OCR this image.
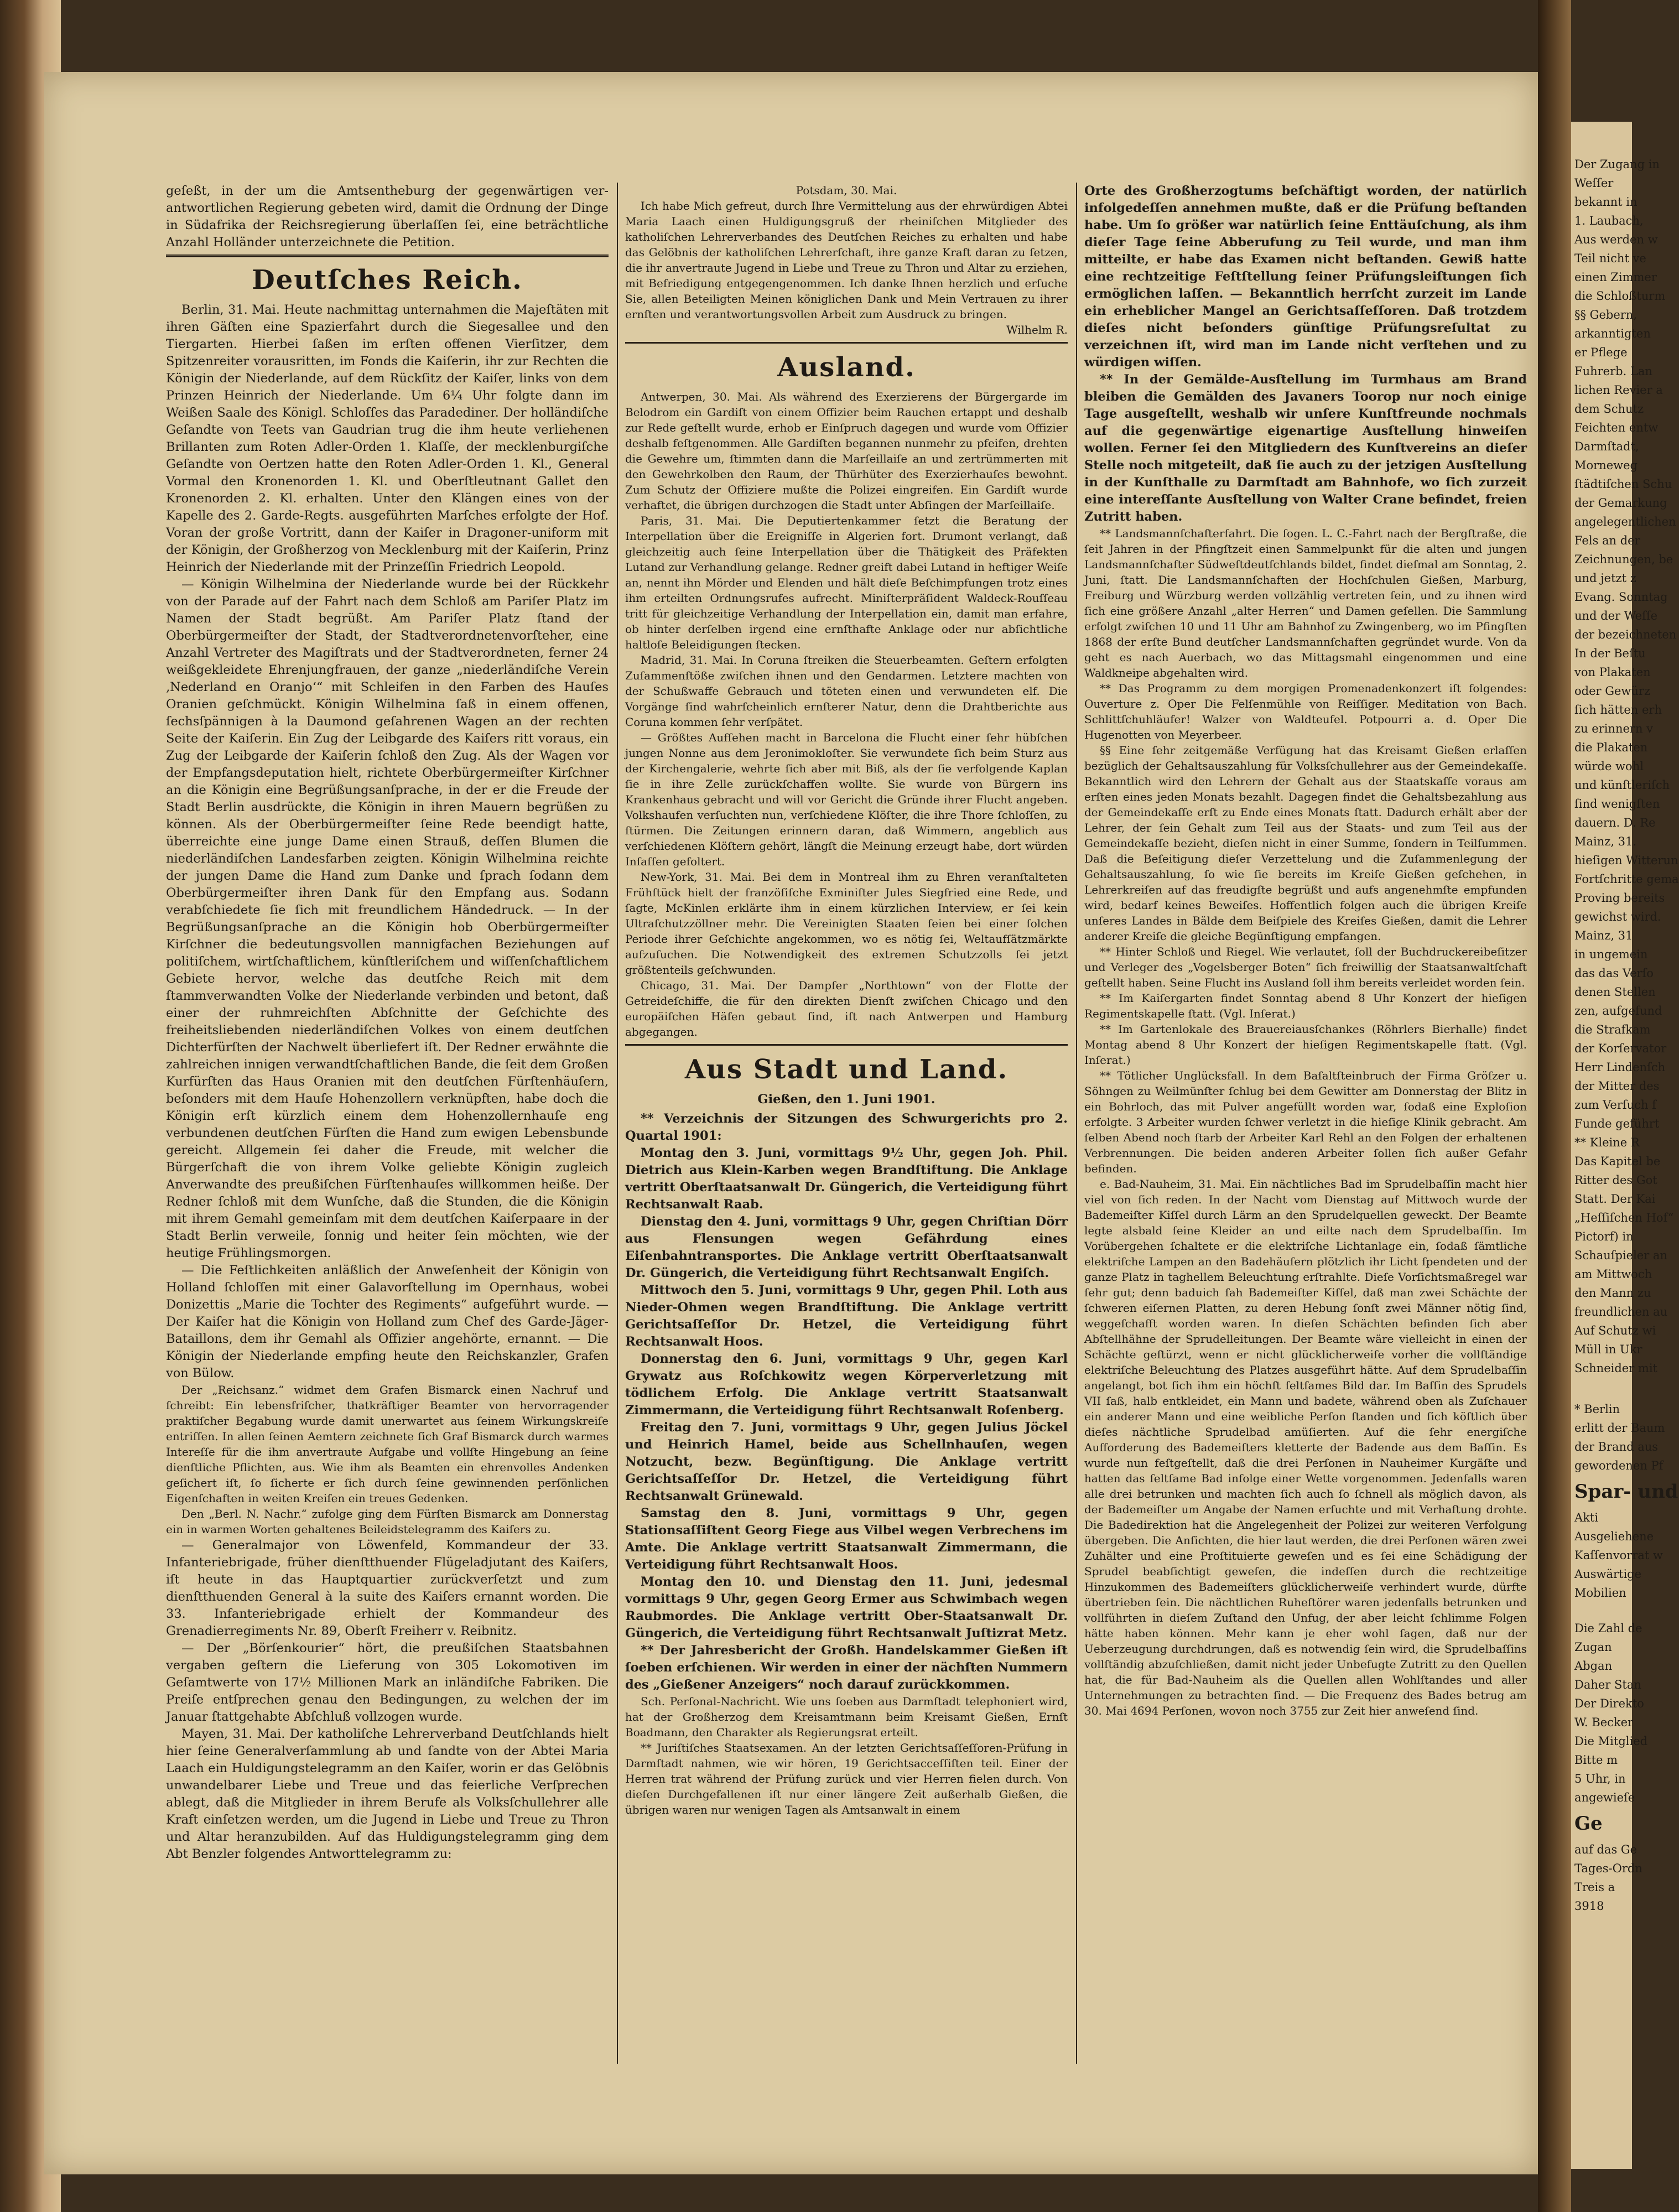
geſeßt, in der um die Amtsentheburg der gegenwärtigen ver-antwortlichen Regierung gebeten wird, damit die Ordnung der Dinge in Südafrika der Reichsregierung überlaſſen ſei, eine beträchtliche Anzahl Holländer unterzeichnete die Petition.

Deutſches Reich.

Berlin, 31. Mai. Heute nachmittag unternahmen die Majeſtäten mit ihren Gäſten eine Spazierfahrt durch die Siegesallee und den Tiergarten. Hierbei ſaßen im erſten offenen Vierſitzer, dem Spitzenreiter vorausritten, im Fonds die Kaiſerin, ihr zur Rechten die Königin der Niederlande, auf dem Rückſitz der Kaiſer, links von dem Prinzen Heinrich der Niederlande. Um 6¼ Uhr folgte dann im Weißen Saale des Königl. Schloſſes das Paradediner. Der holländiſche Geſandte von Teets van Gaudrian trug die ihm heute verliehenen Brillanten zum Roten Adler-Orden 1. Klaſſe, der mecklenburgiſche Geſandte von Oertzen hatte den Roten Adler-Orden 1. Kl., General Vormal den Kronenorden 1. Kl. und Oberſtleutnant Gallet den Kronenorden 2. Kl. erhalten. Unter den Klängen eines von der Kapelle des 2. Garde-Regts. ausgeführten Marſches erfolgte der Hof. Voran der große Vortritt, dann der Kaiſer in Dragoner-uniform mit der Königin, der Großherzog von Mecklenburg mit der Kaiſerin, Prinz Heinrich der Niederlande mit der Prinzeſſin Friedrich Leopold.

— Königin Wilhelmina der Niederlande wurde bei der Rückkehr von der Parade auf der Fahrt nach dem Schloß am Pariſer Platz im Namen der Stadt begrüßt. Am Pariſer Platz ſtand der Oberbürgermeiſter der Stadt, der Stadtverordnetenvorſteher, eine Anzahl Vertreter des Magiſtrats und der Stadtverordneten, ferner 24 weißgekleidete Ehrenjungfrauen, der ganze „niederländiſche Verein ‚Nederland en Oranjo‘“ mit Schleifen in den Farben des Hauſes Oranien geſchmückt. Königin Wilhelmina ſaß in einem offenen, ſechsſpännigen à la Daumond geſahrenen Wagen an der rechten Seite der Kaiſerin. Ein Zug der Leibgarde des Kaiſers ritt voraus, ein Zug der Leibgarde der Kaiſerin ſchloß den Zug. Als der Wagen vor der Empfangsdeputation hielt, richtete Oberbürgermeiſter Kirſchner an die Königin eine Begrüßungsanſprache, in der er die Freude der Stadt Berlin ausdrückte, die Königin in ihren Mauern begrüßen zu können. Als der Oberbürgermeiſter ſeine Rede beendigt hatte, überreichte eine junge Dame einen Strauß, deſſen Blumen die niederländiſchen Landesfarben zeigten. Königin Wilhelmina reichte der jungen Dame die Hand zum Danke und ſprach ſodann dem Oberbürgermeiſter ihren Dank für den Empfang aus. Sodann verabſchiedete ſie ſich mit freundlichem Händedruck. — In der Begrüßungsanſprache an die Königin hob Oberbürgermeiſter Kirſchner die bedeutungsvollen mannigfachen Beziehungen auf politiſchem, wirtſchaftlichem, künſtleriſchem und wiſſenſchaftlichem Gebiete hervor, welche das deutſche Reich mit dem ſtammverwandten Volke der Niederlande verbinden und betont, daß einer der ruhmreichſten Abſchnitte der Geſchichte des freiheitsliebenden niederländiſchen Volkes von einem deutſchen Dichterfürſten der Nachwelt überliefert iſt. Der Redner erwähnte die zahlreichen innigen verwandtſchaftlichen Bande, die ſeit dem Großen Kurfürſten das Haus Oranien mit den deutſchen Fürſtenhäuſern, beſonders mit dem Hauſe Hohenzollern verknüpften, habe doch die Königin erſt kürzlich einem dem Hohenzollernhauſe eng verbundenen deutſchen Fürſten die Hand zum ewigen Lebensbunde gereicht. Allgemein ſei daher die Freude, mit welcher die Bürgerſchaft die von ihrem Volke geliebte Königin zugleich Anverwandte des preußiſchen Fürſtenhauſes willkommen heiße. Der Redner ſchloß mit dem Wunſche, daß die Stunden, die die Königin mit ihrem Gemahl gemeinſam mit dem deutſchen Kaiſerpaare in der Stadt Berlin verweile, ſonnig und heiter ſein möchten, wie der heutige Frühlingsmorgen.

— Die Feſtlichkeiten anläßlich der Anweſenheit der Königin von Holland ſchloſſen mit einer Galavorſtellung im Opernhaus, wobei Donizettis „Marie die Tochter des Regiments“ aufgeführt wurde. — Der Kaiſer hat die Königin von Holland zum Chef des Garde-Jäger-Bataillons, dem ihr Gemahl als Offizier angehörte, ernannt. — Die Königin der Niederlande empfing heute den Reichskanzler, Grafen von Bülow.

Der „Reichsanz.“ widmet dem Grafen Bismarck einen Nachruf und ſchreibt: Ein lebensfriſcher, thatkräftiger Beamter von hervorragender praktiſcher Begabung wurde damit unerwartet aus ſeinem Wirkungskreiſe entriſſen. In allen ſeinen Aemtern zeichnete ſich Graf Bismarck durch warmes Intereſſe für die ihm anvertraute Aufgabe und vollſte Hingebung an ſeine dienſtliche Pflichten, aus. Wie ihm als Beamten ein ehrenvolles Andenken geſichert iſt, ſo ſicherte er ſich durch ſeine gewinnenden perſönlichen Eigenſchaften in weiten Kreiſen ein treues Gedenken.

Den „Berl. N. Nachr.“ zufolge ging dem Fürſten Bismarck am Donnerstag ein in warmen Worten gehaltenes Beileidstelegramm des Kaiſers zu.

— Generalmajor von Löwenfeld, Kommandeur der 33. Infanteriebrigade, früher dienſtthuender Flügeladjutant des Kaiſers, iſt heute in das Hauptquartier zurückverſetzt und zum dienſtthuenden General à la suite des Kaiſers ernannt worden. Die 33. Infanteriebrigade erhielt der Kommandeur des Grenadierregiments Nr. 89, Oberſt Freiherr v. Reibnitz.

— Der „Börſenkourier“ hört, die preußiſchen Staatsbahnen vergaben geſtern die Lieferung von 305 Lokomotiven im Geſamtwerte von 17½ Millionen Mark an inländiſche Fabriken. Die Preiſe entſprechen genau den Bedingungen, zu welchen der im Januar ſtattgehabte Abſchluß vollzogen wurde.

Mayen, 31. Mai. Der katholiſche Lehrerverband Deutſchlands hielt hier ſeine Generalverſammlung ab und ſandte von der Abtei Maria Laach ein Huldigungstelegramm an den Kaiſer, worin er das Gelöbnis unwandelbarer Liebe und Treue und das feierliche Verſprechen ablegt, daß die Mitglieder in ihrem Berufe als Volksſchullehrer alle Kraft einſetzen werden, um die Jugend in Liebe und Treue zu Thron und Altar heranzubilden. Auf das Huldigungstelegramm ging dem Abt Benzler folgendes Antworttelegramm zu:

Potsdam, 30. Mai.

Ich habe Mich gefreut, durch Ihre Vermittelung aus der ehrwürdigen Abtei Maria Laach einen Huldigungsgruß der rheiniſchen Mitglieder des katholiſchen Lehrerverbandes des Deutſchen Reiches zu erhalten und habe das Gelöbnis der katholiſchen Lehrerſchaft, ihre ganze Kraft daran zu ſetzen, die ihr anvertraute Jugend in Liebe und Treue zu Thron und Altar zu erziehen, mit Befriedigung entgegengenommen. Ich danke Ihnen herzlich und erſuche Sie, allen Beteiligten Meinen königlichen Dank und Mein Vertrauen zu ihrer ernſten und verantwortungsvollen Arbeit zum Ausdruck zu bringen.

Wilhelm R.
Ausland.

Antwerpen, 30. Mai. Als während des Exerzierens der Bürgergarde im Belodrom ein Gardiſt von einem Offizier beim Rauchen ertappt und deshalb zur Rede geſtellt wurde, erhob er Einſpruch dagegen und wurde vom Offizier deshalb feſtgenommen. Alle Gardiſten begannen nunmehr zu pfeifen, drehten die Gewehre um, ſtimmten dann die Marſeillaiſe an und zertrümmerten mit den Gewehrkolben den Raum, der Thürhüter des Exerzierhauſes bewohnt. Zum Schutz der Offiziere mußte die Polizei eingreifen. Ein Gardiſt wurde verhaftet, die übrigen durchzogen die Stadt unter Abſingen der Marſeillaiſe.

Paris, 31. Mai. Die Deputiertenkammer ſetzt die Beratung der Interpellation über die Ereigniſſe in Algerien fort. Drumont verlangt, daß gleichzeitig auch ſeine Interpellation über die Thätigkeit des Präfekten Lutand zur Verhandlung gelange. Redner greift dabei Lutand in heftiger Weiſe an, nennt ihn Mörder und Elenden und hält dieſe Beſchimpfungen trotz eines ihm erteilten Ordnungsrufes aufrecht. Miniſterpräſident Waldeck-Rouſſeau tritt für gleichzeitige Verhandlung der Interpellation ein, damit man erfahre, ob hinter derſelben irgend eine ernſthafte Anklage oder nur abſichtliche haltloſe Beleidigungen ſtecken.

Madrid, 31. Mai. In Coruna ſtreiken die Steuerbeamten. Geſtern erfolgten Zuſammenſtöße zwiſchen ihnen und den Gendarmen. Letztere machten von der Schußwaffe Gebrauch und töteten einen und verwundeten elf. Die Vorgänge ſind wahrſcheinlich ernſterer Natur, denn die Drahtberichte aus Coruna kommen ſehr verſpätet.

— Größtes Aufſehen macht in Barcelona die Flucht einer ſehr hübſchen jungen Nonne aus dem Jeronimokloſter. Sie verwundete ſich beim Sturz aus der Kirchengalerie, wehrte ſich aber mit Biß, als der ſie verfolgende Kaplan ſie in ihre Zelle zurückſchaffen wollte. Sie wurde von Bürgern ins Krankenhaus gebracht und will vor Gericht die Gründe ihrer Flucht angeben. Volkshaufen verſuchten nun, verſchiedene Klöſter, die ihre Thore ſchloſſen, zu ſtürmen. Die Zeitungen erinnern daran, daß Wimmern, angeblich aus verſchiedenen Klöſtern gehört, längſt die Meinung erzeugt habe, dort würden Inſaſſen gefoltert.

New-York, 31. Mai. Bei dem in Montreal ihm zu Ehren veranſtalteten Frühſtück hielt der franzöſiſche Exminiſter Jules Siegfried eine Rede, und ſagte, McKinlen erklärte ihm in einem kürzlichen Interview, er ſei kein Ultraſchutzzöllner mehr. Die Vereinigten Staaten ſeien bei einer ſolchen Periode ihrer Geſchichte angekommen, wo es nötig ſei, Weltaufſätzmärkte aufzuſuchen. Die Notwendigkeit des extremen Schutzzolls ſei jetzt größtenteils geſchwunden.

Chicago, 31. Mai. Der Dampfer „Northtown“ von der Flotte der Getreideſchiffe, die für den direkten Dienſt zwiſchen Chicago und den europäiſchen Häfen gebaut ſind, iſt nach Antwerpen und Hamburg abgegangen.

Aus Stadt und Land.
Gießen, den 1. Juni 1901.

** Verzeichnis der Sitzungen des Schwurgerichts pro 2. Quartal 1901:

Montag den 3. Juni, vormittags 9½ Uhr, gegen Joh. Phil. Dietrich aus Klein-Karben wegen Brandſtiftung. Die Anklage vertritt Oberſtaatsanwalt Dr. Güngerich, die Verteidigung führt Rechtsanwalt Raab.

Dienstag den 4. Juni, vormittags 9 Uhr, gegen Chriſtian Dörr aus Flensungen wegen Gefährdung eines Eiſenbahntransportes. Die Anklage vertritt Oberſtaatsanwalt Dr. Güngerich, die Verteidigung führt Rechtsanwalt Engiſch.

Mittwoch den 5. Juni, vormittags 9 Uhr, gegen Phil. Loth aus Nieder-Ohmen wegen Brandſtiftung. Die Anklage vertritt Gerichtsaſſeſſor Dr. Hetzel, die Verteidigung führt Rechtsanwalt Hoos.

Donnerstag den 6. Juni, vormittags 9 Uhr, gegen Karl Grywatz aus Roſchkowitz wegen Körperverletzung mit tödlichem Erfolg. Die Anklage vertritt Staatsanwalt Zimmermann, die Verteidigung führt Rechtsanwalt Roſenberg.

Freitag den 7. Juni, vormittags 9 Uhr, gegen Julius Jöckel und Heinrich Hamel, beide aus Schellnhauſen, wegen Notzucht, bezw. Begünſtigung. Die Anklage vertritt Gerichtsaſſeſſor Dr. Hetzel, die Verteidigung führt Rechtsanwalt Grünewald.

Samstag den 8. Juni, vormittags 9 Uhr, gegen Stationsaſſiſtent Georg Fiege aus Vilbel wegen Verbrechens im Amte. Die Anklage vertritt Staatsanwalt Zimmermann, die Verteidigung führt Rechtsanwalt Hoos.

Montag den 10. und Dienstag den 11. Juni, jedesmal vormittags 9 Uhr, gegen Georg Ermer aus Schwimbach wegen Raubmordes. Die Anklage vertritt Ober-Staatsanwalt Dr. Güngerich, die Verteidigung führt Rechtsanwalt Juſtizrat Metz.

** Der Jahresbericht der Großh. Handelskammer Gießen iſt ſoeben erſchienen. Wir werden in einer der nächſten Nummern des „Gießener Anzeigers“ noch darauf zurückkommen.

Sch. Perſonal-Nachricht. Wie uns ſoeben aus Darmſtadt telephoniert wird, hat der Großherzog dem Kreisamtmann beim Kreisamt Gießen, Ernſt Boadmann, den Charakter als Regierungsrat erteilt.

** Juriſtiſches Staatsexamen. An der letzten Gerichtsaſſeſſoren-Prüfung in Darmſtadt nahmen, wie wir hören, 19 Gerichtsacceſſiſten teil. Einer der Herren trat während der Prüfung zurück und vier Herren fielen durch. Von dieſen Durchgefallenen iſt nur einer längere Zeit außerhalb Gießen, die übrigen waren nur wenigen Tagen als Amtsanwalt in einem

Orte des Großherzogtums beſchäftigt worden, der natürlich infolgedeſſen annehmen mußte, daß er die Prüfung beſtanden habe. Um ſo größer war natürlich ſeine Enttäuſchung, als ihm dieſer Tage ſeine Abberufung zu Teil wurde, und man ihm mitteilte, er habe das Examen nicht beſtanden. Gewiß hatte eine rechtzeitige Feſtſtellung ſeiner Prüfungsleiſtungen ſich ermöglichen laſſen. — Bekanntlich herrſcht zurzeit im Lande ein erheblicher Mangel an Gerichtsaſſeſſoren. Daß trotzdem dieſes nicht beſonders günſtige Prüfungsreſultat zu verzeichnen iſt, wird man im Lande nicht verſtehen und zu würdigen wiſſen.

** In der Gemälde-Ausſtellung im Turmhaus am Brand bleiben die Gemälden des Javaners Toorop nur noch einige Tage ausgeſtellt, weshalb wir unſere Kunſtfreunde nochmals auf die gegenwärtige eigenartige Ausſtellung hinweiſen wollen. Ferner ſei den Mitgliedern des Kunſtvereins an dieſer Stelle noch mitgeteilt, daß ſie auch zu der jetzigen Ausſtellung in der Kunſthalle zu Darmſtadt am Bahnhofe, wo ſich zurzeit eine intereſſante Ausſtellung von Walter Crane befindet, freien Zutritt haben.

** Landsmannſchafterfahrt. Die ſogen. L. C.-Fahrt nach der Bergſtraße, die ſeit Jahren in der Pfingſtzeit einen Sammelpunkt für die alten und jungen Landsmannſchafter Südweſtdeutſchlands bildet, findet dieſmal am Sonntag, 2. Juni, ſtatt. Die Landsmannſchaften der Hochſchulen Gießen, Marburg, Freiburg und Würzburg werden vollzählig vertreten ſein, und zu ihnen wird ſich eine größere Anzahl „alter Herren“ und Damen geſellen. Die Sammlung erfolgt zwiſchen 10 und 11 Uhr am Bahnhof zu Zwingenberg, wo im Pfingſten 1868 der erſte Bund deutſcher Landsmannſchaften gegründet wurde. Von da geht es nach Auerbach, wo das Mittagsmahl eingenommen und eine Waldkneipe abgehalten wird.

** Das Programm zu dem morgigen Promenadenkonzert iſt folgendes: Ouverture z. Oper Die Felſenmühle von Reiſſiger. Meditation von Bach. Schlittſchuhläufer! Walzer von Waldteufel. Potpourri a. d. Oper Die Hugenotten von Meyerbeer.

§§ Eine ſehr zeitgemäße Verfügung hat das Kreisamt Gießen erlaſſen bezüglich der Gehaltsauszahlung für Volksſchullehrer aus der Gemeindekaſſe. Bekanntlich wird den Lehrern der Gehalt aus der Staatskaſſe voraus am erſten eines jeden Monats bezahlt. Dagegen findet die Gehaltsbezahlung aus der Gemeindekaſſe erſt zu Ende eines Monats ſtatt. Dadurch erhält aber der Lehrer, der ſein Gehalt zum Teil aus der Staats- und zum Teil aus der Gemeindekaſſe bezieht, dieſen nicht in einer Summe, ſondern in Teilſummen. Daß die Beſeitigung dieſer Verzettelung und die Zuſammenlegung der Gehaltsauszahlung, ſo wie ſie bereits im Kreiſe Gießen geſchehen, in Lehrerkreiſen auf das freudigſte begrüßt und aufs angenehmſte empfunden wird, bedarf keines Beweiſes. Hoffentlich folgen auch die übrigen Kreiſe unſeres Landes in Bälde dem Beiſpiele des Kreiſes Gießen, damit die Lehrer anderer Kreiſe die gleiche Begünſtigung empfangen.

** Hinter Schloß und Riegel. Wie verlautet, ſoll der Buchdruckereibeſitzer und Verleger des „Vogelsberger Boten“ ſich freiwillig der Staatsanwaltſchaft geſtellt haben. Seine Flucht ins Ausland ſoll ihm bereits verleidet worden ſein.

** Im Kaiſergarten findet Sonntag abend 8 Uhr Konzert der hieſigen Regimentskapelle ſtatt. (Vgl. Inſerat.)

** Im Gartenlokale des Brauereiausſchankes (Röhrlers Bierhalle) findet Montag abend 8 Uhr Konzert der hieſigen Regimentskapelle ſtatt. (Vgl. Inſerat.)

** Tötlicher Unglücksfall. In dem Baſaltſteinbruch der Firma Gröſzer u. Söhngen zu Weilmünſter ſchlug bei dem Gewitter am Donnerstag der Blitz in ein Bohrloch, das mit Pulver angefüllt worden war, ſodaß eine Exploſion erfolgte. 3 Arbeiter wurden ſchwer verletzt in die hieſige Klinik gebracht. Am ſelben Abend noch ſtarb der Arbeiter Karl Rehl an den Folgen der erhaltenen Verbrennungen. Die beiden anderen Arbeiter ſollen ſich außer Gefahr befinden.

e. Bad-Nauheim, 31. Mai. Ein nächtliches Bad im Sprudelbaſſin macht hier viel von ſich reden. In der Nacht vom Dienstag auf Mittwoch wurde der Bademeiſter Kiſſel durch Lärm an den Sprudelquellen geweckt. Der Beamte legte alsbald ſeine Kleider an und eilte nach dem Sprudelbaſſin. Im Vorübergehen ſchaltete er die elektriſche Lichtanlage ein, ſodaß ſämtliche elektriſche Lampen an den Badehäuſern plötzlich ihr Licht ſpendeten und der ganze Platz in taghellem Beleuchtung erſtrahlte. Dieſe Vorſichtsmaßregel war ſehr gut; denn baduich ſah Bademeiſter Kiſſel, daß man zwei Schächte der ſchweren eiſernen Platten, zu deren Hebung ſonſt zwei Männer nötig ſind, weggeſchafft worden waren. In dieſen Schächten befinden ſich aber Abſtellhähne der Sprudelleitungen. Der Beamte wäre vielleicht in einen der Schächte geſtürzt, wenn er nicht glücklicherweiſe vorher die vollſtändige elektriſche Beleuchtung des Platzes ausgeführt hätte. Auf dem Sprudelbaſſin angelangt, bot ſich ihm ein höchſt ſeltſames Bild dar. Im Baſſin des Sprudels VII ſaß, halb entkleidet, ein Mann und badete, während oben als Zuſchauer ein anderer Mann und eine weibliche Perſon ſtanden und ſich köſtlich über dieſes nächtliche Sprudelbad amüſierten. Auf die ſehr energiſche Aufforderung des Bademeiſters kletterte der Badende aus dem Baſſin. Es wurde nun feſtgeſtellt, daß die drei Perſonen in Nauheimer Kurgäſte und hatten das ſeltſame Bad infolge einer Wette vorgenommen. Jedenfalls waren alle drei betrunken und machten ſich auch ſo ſchnell als möglich davon, als der Bademeiſter um Angabe der Namen erſuchte und mit Verhaftung drohte. Die Badedirektion hat die Angelegenheit der Polizei zur weiteren Verfolgung übergeben. Die Anſichten, die hier laut werden, die drei Perſonen wären zwei Zuhälter und eine Proſtituierte geweſen und es ſei eine Schädigung der Sprudel beabſichtigt geweſen, die indeſſen durch die rechtzeitige Hinzukommen des Bademeiſters glücklicherweiſe verhindert wurde, dürfte übertrieben ſein. Die nächtlichen Ruheſtörer waren jedenfalls betrunken und vollführten in dieſem Zuſtand den Unfug, der aber leicht ſchlimme Folgen hätte haben können. Mehr kann je eher wohl ſagen, daß nur der Ueberzeugung durchdrungen, daß es notwendig ſein wird, die Sprudelbaſſins vollſtändig abzuſchließen, damit nicht jeder Unbefugte Zutritt zu den Quellen hat, die für Bad-Nauheim als die Quellen allen Wohlſtandes und aller Unternehmungen zu betrachten ſind. — Die Frequenz des Bades betrug am 30. Mai 4694 Perſonen, wovon noch 3755 zur Zeit hier anweſend ſind.

Der Zugang in
Weſſer
bekannt in
1. Laubach,
Aus werden w
Teil nicht ve
einen Zimmer
die Schloßturm
§§ Gebern,
arkanntigten
er Pflege
Fuhrerb. Lan
lichen Revier a
dem Schutz
Feichten entw
Darmſtadt,
Morneweg
ſtädtiſchen Schu
der Gemarkung
angelegentlichen
Fels an der
Zeichnungen, be
und jetzt z
Evang. Sonntag
und der Weſſe
der bezeichneten
In der Beſtu
von Plakaten
oder Gewürz
ſich hätten erh
zu erinnern v
die Plakaten
würde wohl
und künſtleriſch
ſind wenigſten
dauern. D. Re
Mainz, 31.
hieſigen Witterun
Fortſchritte gema
Proving bereits
gewichst wird.
Mainz, 31
in ungemein
das das Verſo
denen Stellen
zen, aufgefund
die Strafkam
der Korſervator
Herr Lindenſch
der Mitter des
zum Verſuch f
Funde geführt
** Kleine R
Das Kapitel be
Ritter des Got
Statt. Der Kai
„Heſſiſchen Hof“
Pictorf) in
Schauſpieler an
am Mittwoch
den Mann zu
freundlichen au
Auf Schutz wi
Müll in Ukr
Schneider mit
* Berlin
erlitt der Baum
der Brand aus
gewordenen Pf
Spar- und
Akti
Ausgeliehene
Kaſſenvorrat w
Auswärtige
Mobilien
Die Zahl de
Zugan
Abgan
Daher Stan
Der Direkto
W. Becker
Die Mitglied
Bitte m
5 Uhr, in
angewieſe
Ge
auf das Ge
Tages-Ordn
Treis a
3918
